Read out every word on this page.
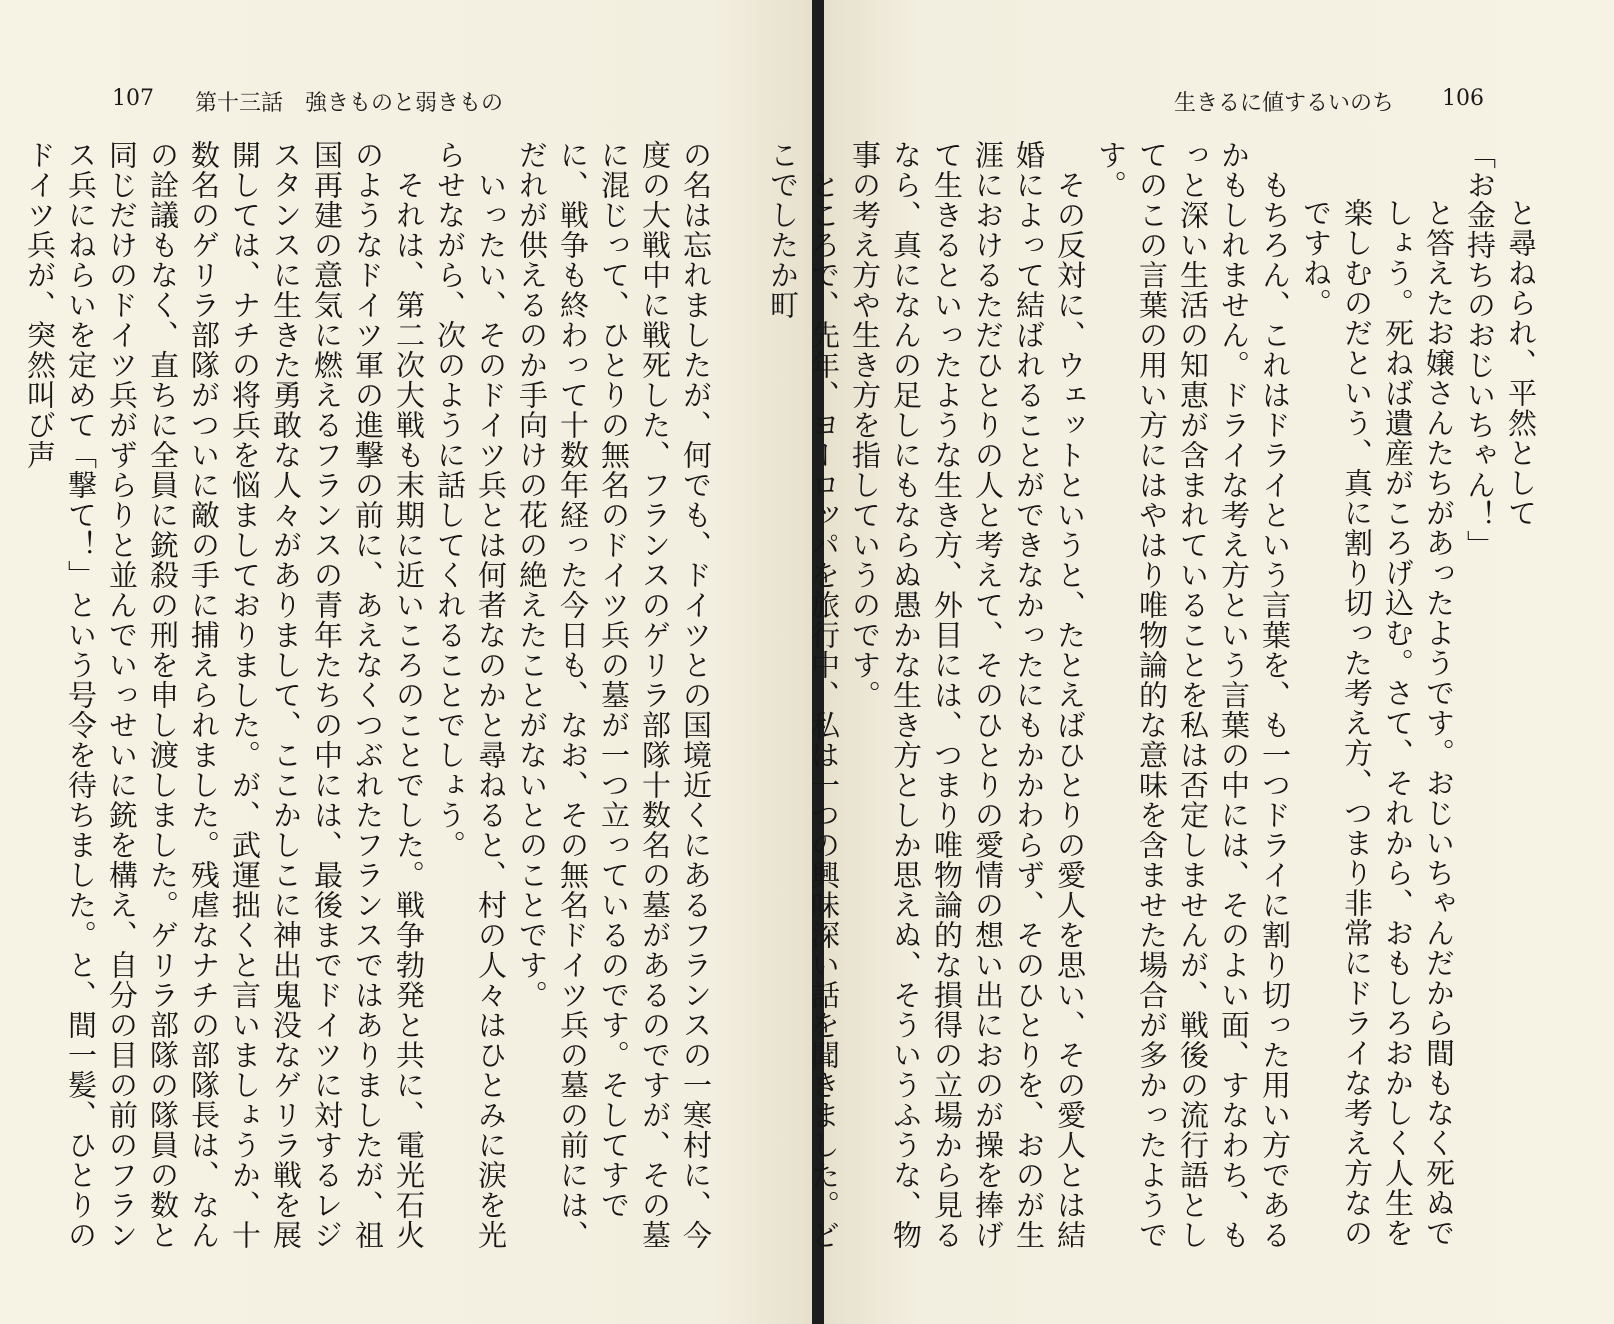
107 第十三話　強きものと弱きもの

の名は忘れましたが、何でも、ドイツとの国境近くにあるフランスの一寒村に、今度の大戦中に戦死した、フランスのゲリラ部隊十数名の墓があるのですが、その墓に混じって、ひとりの無名のドイツ兵の墓が一つ立っているのです。そしてすでに、戦争も終わって十数年経った今日も、なお、その無名ドイツ兵の墓の前には、だれが供えるのか手向けの花の絶えたことがないとのことです。

　いったい、そのドイツ兵とは何者なのかと尋ねると、村の人々はひとみに涙を光らせながら、次のように話してくれることでしょう。

　それは、第二次大戦も末期に近いころのことでした。戦争勃発と共に、電光石火のようなドイツ軍の進撃の前に、あえなくつぶれたフランスではありましたが、祖国再建の意気に燃えるフランスの青年たちの中には、最後までドイツに対するレジスタンスに生きた勇敢な人々がありまして、ここかしこに神出鬼没なゲリラ戦を展開しては、ナチの将兵を悩ましておりました。が、武運拙くと言いましょうか、十数名のゲリラ部隊がついに敵の手に捕えられました。残虐なナチの部隊長は、なんの詮議もなく、直ちに全員に銃殺の刑を申し渡しました。ゲリラ部隊の隊員の数と同じだけのドイツ兵がずらりと並んでいっせいに銃を構え、自分の目の前のフランス兵にねらいを定めて「撃て！」という号令を待ちました。と、間一髪、ひとりのドイツ兵が、突然叫び声

生きるに値するいのち 106

と尋ねられ、平然として

「お金持ちのおじいちゃん！」

と答えたお嬢さんたちがあったようです。おじいちゃんだから間もなく死ぬでしょう。死ねば遺産がころげ込む。さて、それから、おもしろおかしく人生を楽しむのだという、真に割り切った考え方、つまり非常にドライな考え方なのですね。

　もちろん、これはドライという言葉を、も一つドライに割り切った用い方であるかもしれません。ドライな考え方という言葉の中には、そのよい面、すなわち、もっと深い生活の知恵が含まれていることを私は否定しませんが、戦後の流行語としてのこの言葉の用い方にはやはり唯物論的な意味を含ませた場合が多かったようです。

　その反対に、ウェットというと、たとえばひとりの愛人を思い、その愛人とは結婚によって結ばれることができなかったにもかかわらず、そのひとりを、おのが生涯におけるただひとりの人と考えて、そのひとりの愛情の想い出におのが操を捧げて生きるといったような生き方、外目には、つまり唯物論的な損得の立場から見るなら、真になんの足しにもならぬ愚かな生き方としか思えぬ、そういうふうな、物事の考え方や生き方を指していうのです。

　ところで、先年、ヨーロッパを旅行中、私は一つの興味深い話を聞きました。どこでしたか町
